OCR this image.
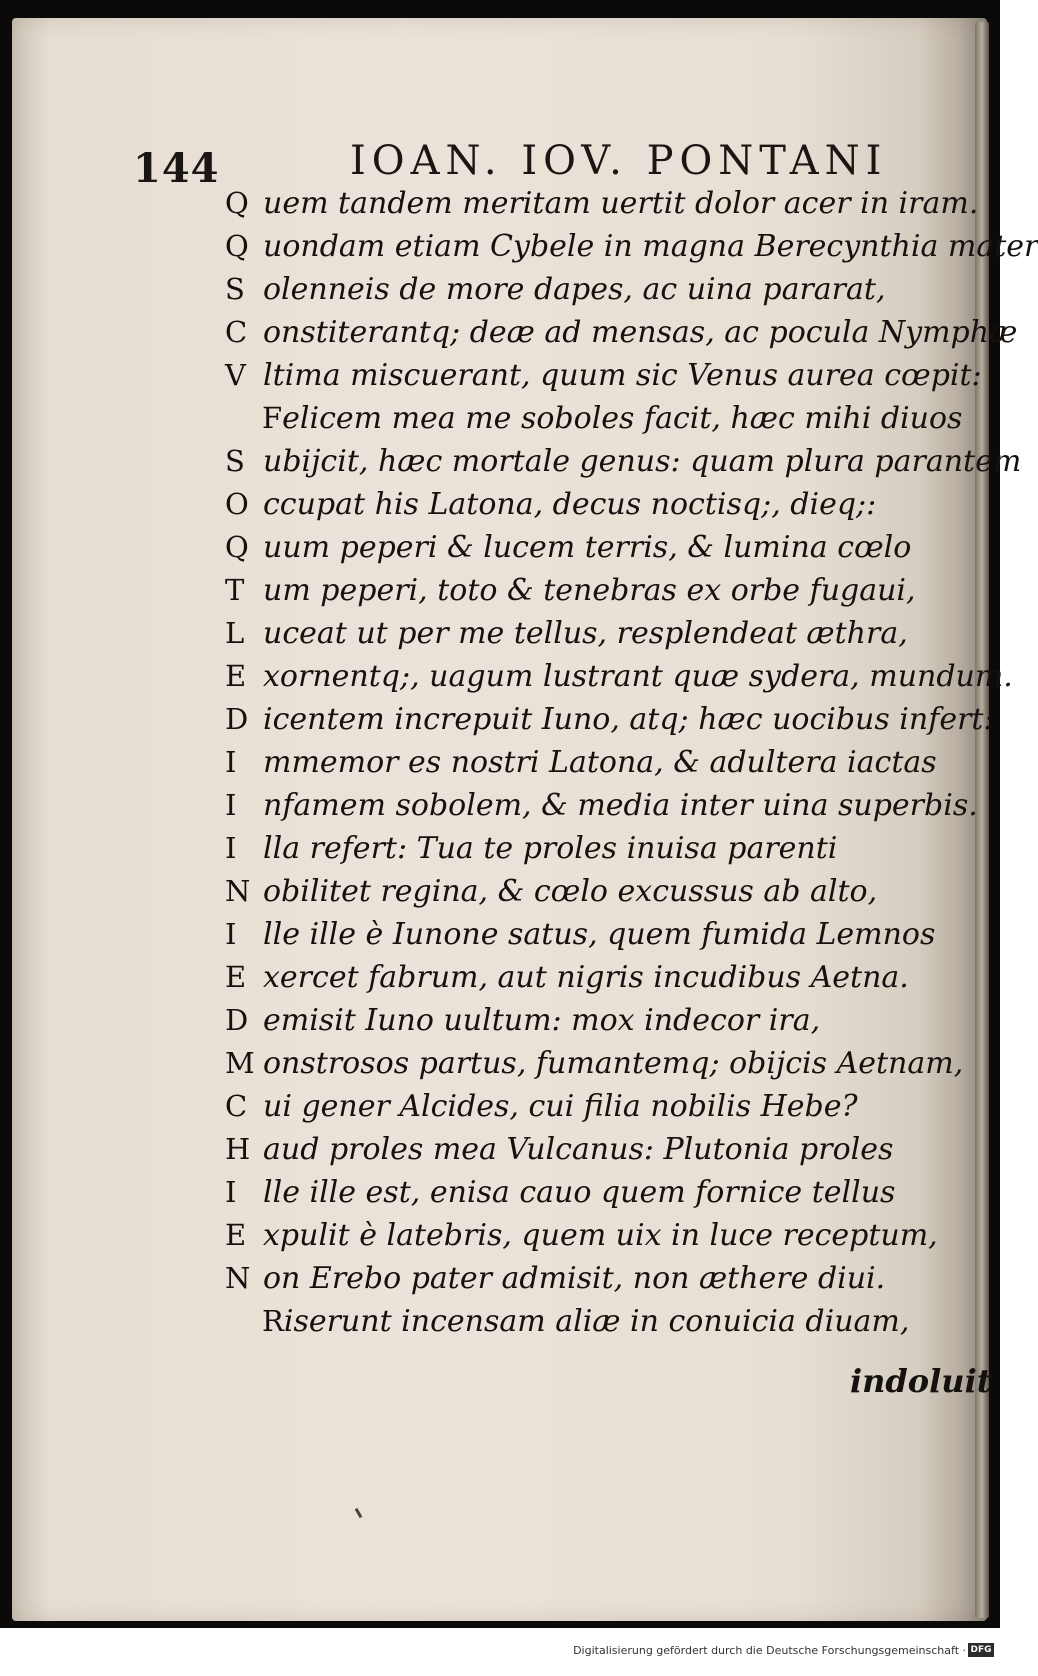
144	IOAN. IOV. PONTANI
Q uem tandem meritam uertit dolor acer in iram.
Q uondam etiam Cybele in magna Berecynthia mater
S olenneis de more dapes, ac uina pararat,
C onstiterantq; deæ ad mensas, ac pocula Nymphæ
V ltima miscuerant, quum sic Venus aurea cœpit:
Felicem mea me soboles facit, hæc mihi diuos
S ubijcit, hæc mortale genus: quam plura parantem
O ccupat his Latona, decus noctisq;, dieq;:
Q uum peperi & lucem terris, & lumina cœlo
T um peperi, toto & tenebras ex orbe fugaui,
L uceat ut per me tellus, resplendeat æthra,
E xornentq;, uagum lustrant quæ sydera, mundum.
D icentem increpuit Iuno, atq; hæc uocibus infert:
I mmemor es nostri Latona, & adultera iactas
I nfamem sobolem, & media inter uina superbis.
I lla refert: Tua te proles inuisa parenti
N obilitet regina, & cœlo excussus ab alto,
I lle ille è Iunone satus, quem fumida Lemnos
E xercet fabrum, aut nigris incudibus Aetna.
D emisit Iuno uultum: mox indecor ira,
M onstrosos partus, fumantemq; obijcis Aetnam,
C ui gener Alcides, cui filia nobilis Hebe?
H aud proles mea Vulcanus: Plutonia proles
I lle ille est, enisa cauo quem fornice tellus
E xpulit è latebris, quem uix in luce receptum,
N on Erebo pater admisit, non æthere diui.
Riserunt incensam aliæ in conuicia diuam,
indoluit
Digitalisierung gefördert durch die Deutsche Forschungsgemeinschaft · DFG
